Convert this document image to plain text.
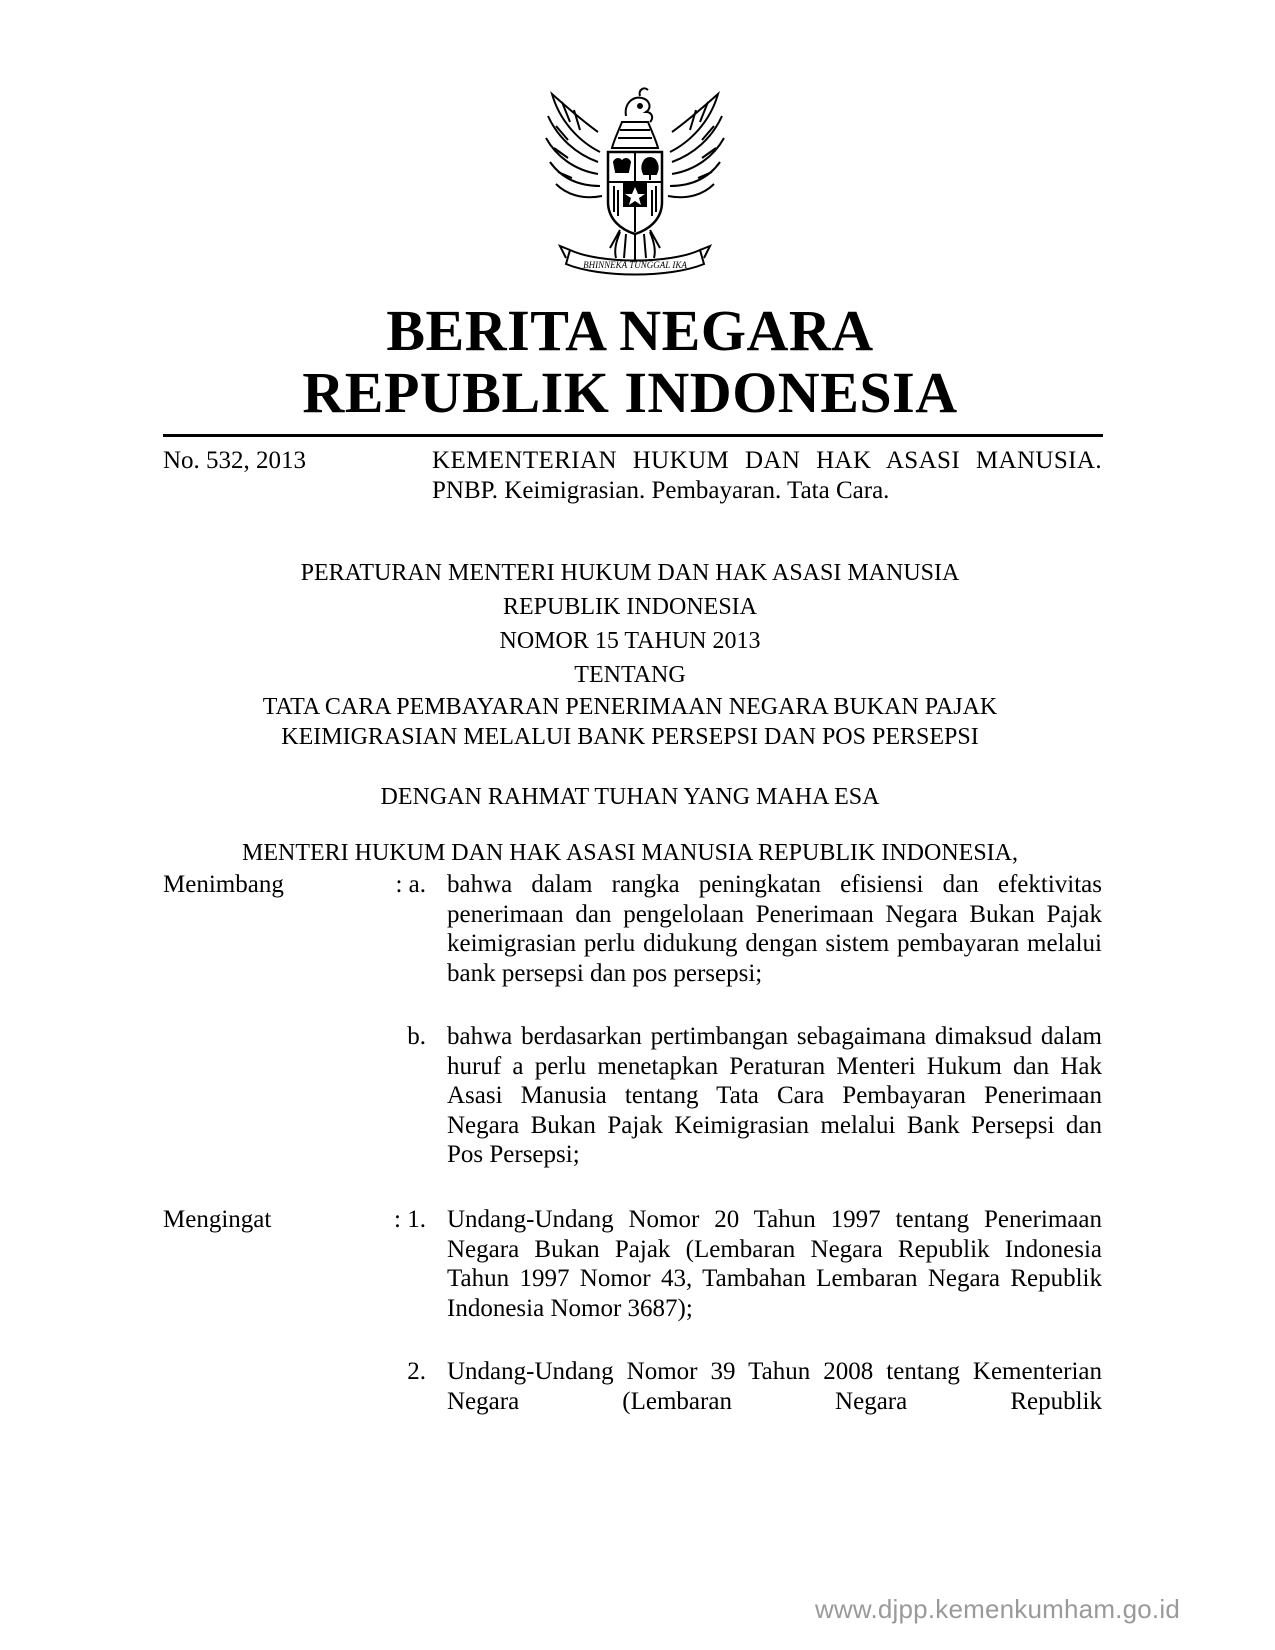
BHINNEKA TUNGGAL IKA
BERITA NEGARA
REPUBLIK INDONESIA
No. 532, 2013	KEMENTERIAN HUKUM DAN HAK ASASI MANUSIA.
PNBP. Keimigrasian. Pembayaran. Tata Cara.
PERATURAN MENTERI HUKUM DAN HAK ASASI MANUSIA
REPUBLIK INDONESIA
NOMOR 15 TAHUN 2013
TENTANG
TATA CARA PEMBAYARAN PENERIMAAN NEGARA BUKAN PAJAK
KEIMIGRASIAN MELALUI BANK PERSEPSI DAN POS PERSEPSI
DENGAN RAHMAT TUHAN YANG MAHA ESA
MENTERI HUKUM DAN HAK ASASI MANUSIA REPUBLIK INDONESIA,
Menimbang	: a. bahwa dalam rangka peningkatan efisiensi dan efektivitas penerimaan dan pengelolaan Penerimaan Negara Bukan Pajak keimigrasian perlu didukung dengan sistem pembayaran melalui bank persepsi dan pos persepsi;
b. bahwa berdasarkan pertimbangan sebagaimana dimaksud dalam huruf a perlu menetapkan Peraturan Menteri Hukum dan Hak Asasi Manusia tentang Tata Cara Pembayaran Penerimaan Negara Bukan Pajak Keimigrasian melalui Bank Persepsi dan Pos Persepsi;
Mengingat	: 1. Undang-Undang Nomor 20 Tahun 1997 tentang Penerimaan Negara Bukan Pajak (Lembaran Negara Republik Indonesia Tahun 1997 Nomor 43, Tambahan Lembaran Negara Republik Indonesia Nomor 3687);
2. Undang-Undang Nomor 39 Tahun 2008 tentang Kementerian Negara (Lembaran Negara Republik
www.djpp.kemenkumham.go.id
